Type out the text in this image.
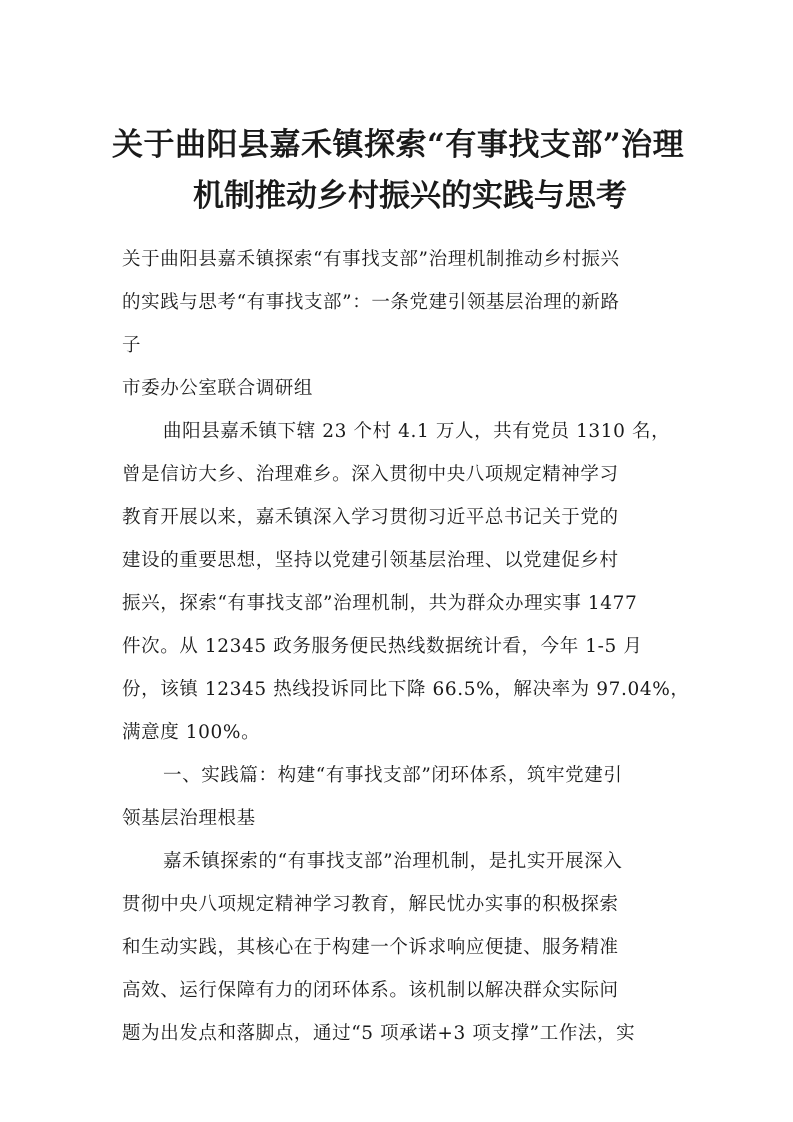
关于曲阳县嘉禾镇探索“有事找支部”治理
机制推动乡村振兴的实践与思考

关于曲阳县嘉禾镇探索“有事找支部”治理机制推动乡村振兴

的实践与思考“有事找支部”：一条党建引领基层治理的新路

子

市委办公室联合调研组

曲阳县嘉禾镇下辖 23 个村 4.1 万人，共有党员 1310 名，

曾是信访大乡、治理难乡。深入贯彻中央八项规定精神学习

教育开展以来，嘉禾镇深入学习贯彻习近平总书记关于党的

建设的重要思想，坚持以党建引领基层治理、以党建促乡村

振兴，探索“有事找支部”治理机制，共为群众办理实事 1477

件次。从 12345 政务服务便民热线数据统计看，今年 1-5 月

份，该镇 12345 热线投诉同比下降 66.5%，解决率为 97.04%，

满意度 100%。

一、实践篇：构建“有事找支部”闭环体系，筑牢党建引

领基层治理根基

嘉禾镇探索的“有事找支部”治理机制，是扎实开展深入

贯彻中央八项规定精神学习教育，解民忧办实事的积极探索

和生动实践，其核心在于构建一个诉求响应便捷、服务精准

高效、运行保障有力的闭环体系。该机制以解决群众实际问

题为出发点和落脚点，通过“5 项承诺+3 项支撑”工作法，实
